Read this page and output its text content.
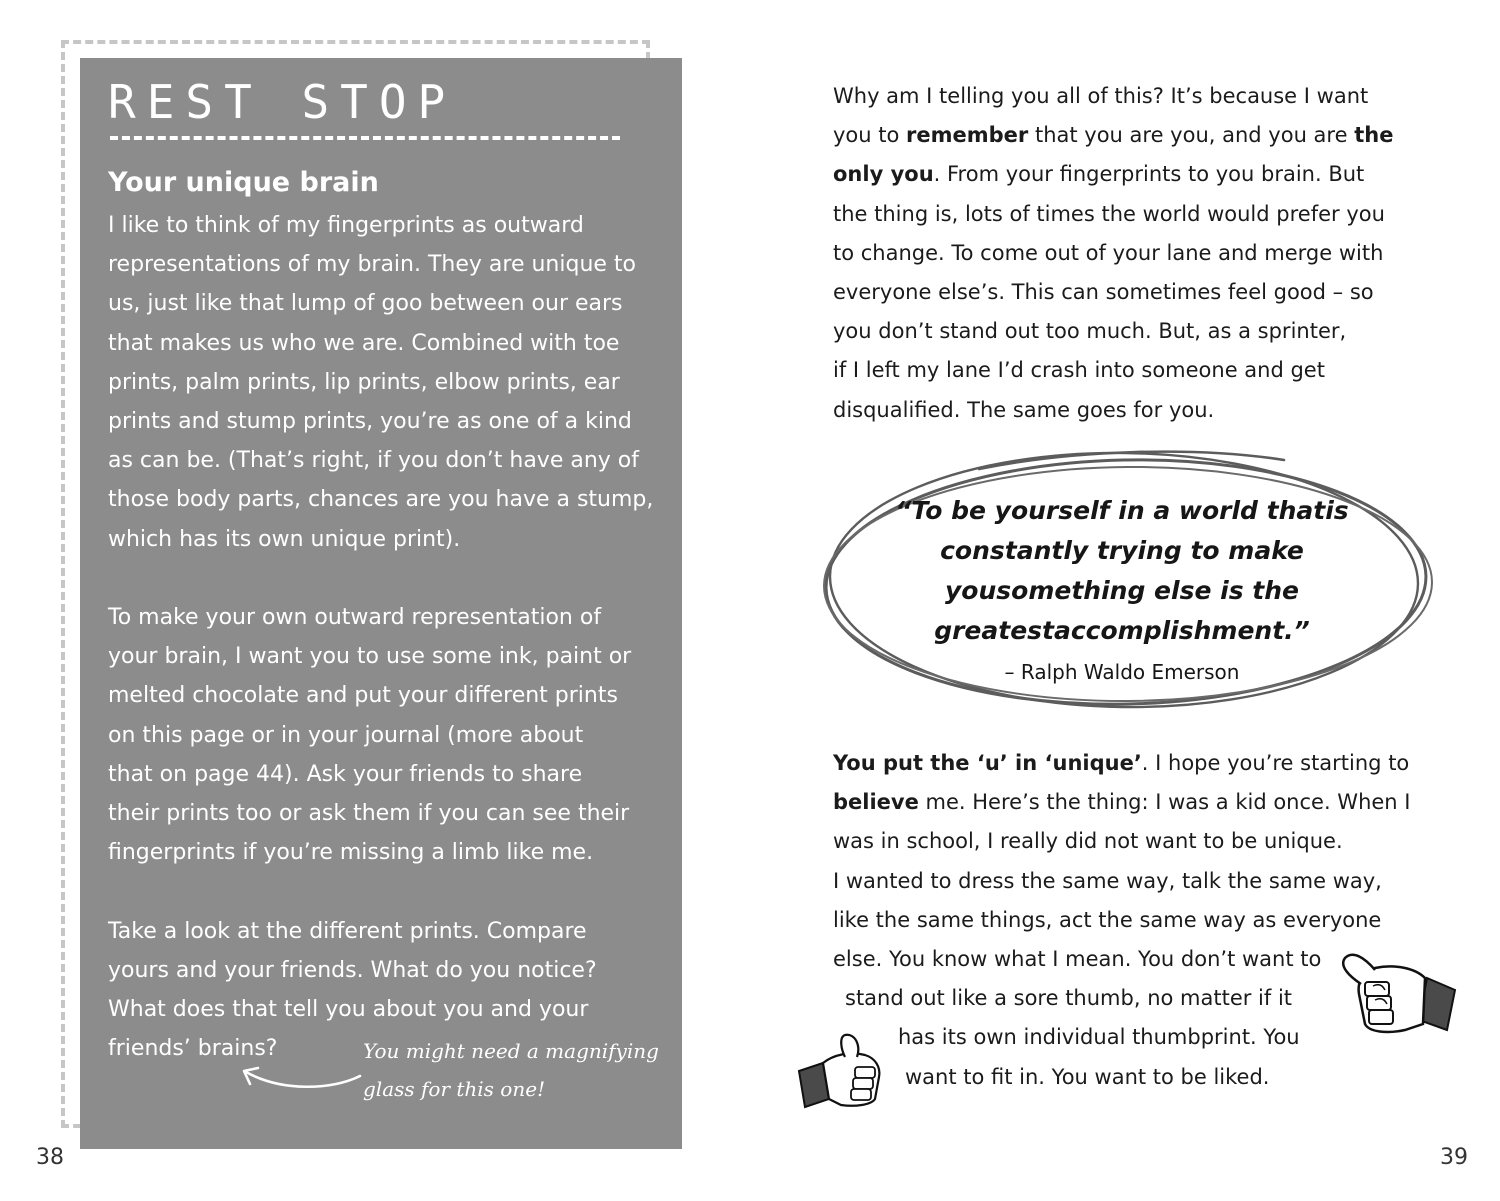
REST STOP
Your unique brain

I like to think of my fingerprints as outward
representations of my brain. They are unique to
us, just like that lump of goo between our ears
that makes us who we are. Combined with toe
prints, palm prints, lip prints, elbow prints, ear
prints and stump prints, you’re as one of a kind
as can be. (That’s right, if you don’t have any of
those body parts, chances are you have a stump,
which has its own unique print).

To make your own outward representation of
your brain, I want you to use some ink, paint or
melted chocolate and put your different prints
on this page or in your journal (more about
that on page 44). Ask your friends to share
their prints too or ask them if you can see their
fingerprints if you’re missing a limb like me.

Take a look at the different prints. Compare
yours and your friends. What do you notice?
What does that tell you about you and your
friends’ brains?	You might need a magnifying
glass for this one!
38
Why am I telling you all of this? It’s because I want
you to remember that you are you, and you are the
only you. From your fingerprints to you brain. But
the thing is, lots of times the world would prefer you
to change. To come out of your lane and merge with
everyone else’s. This can sometimes feel good – so
you don’t stand out too much. But, as a sprinter,
if I left my lane I’d crash into someone and get
disqualified. The same goes for you.
“To be yourself in a world thatis constantly trying to make yousomething else is the greatestaccomplishment.”
– Ralph Waldo Emerson
You put the ‘u’ in ‘unique’. I hope you’re starting to
believe me. Here’s the thing: I was a kid once. When I
was in school, I really did not want to be unique.
I wanted to dress the same way, talk the same way,
like the same things, act the same way as everyone
else. You know what I mean. You don’t want to
stand out like a sore thumb, no matter if it
has its own individual thumbprint. You
want to fit in. You want to be liked.
39
